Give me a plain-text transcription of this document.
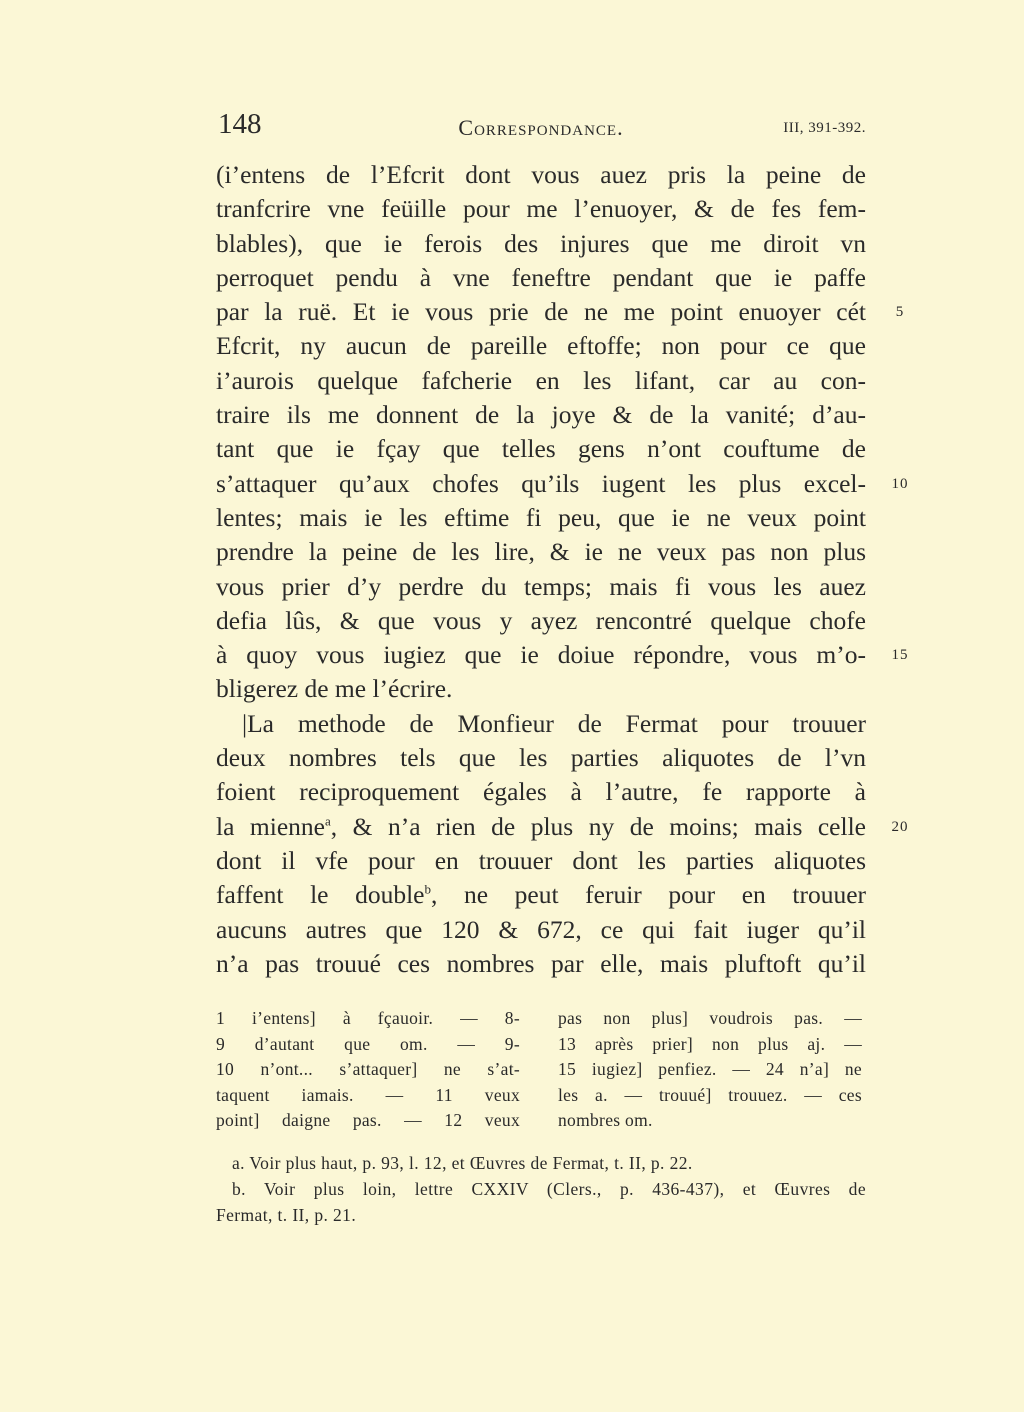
148	Correspondance.	III, 391-392.
(i’entens de l’Efcrit dont vous auez pris la peine de
tranfcrire vne feüille pour me l’enuoyer, & de fes fem-
blables), que ie ferois des injures que me diroit vn
perroquet pendu à vne feneftre pendant que ie paffe
par la ruë. Et ie vous prie de ne me point enuoyer cét
Efcrit, ny aucun de pareille eftoffe; non pour ce que
i’aurois quelque fafcherie en les lifant, car au con-
traire ils me donnent de la joye & de la vanité; d’au-
tant que ie fçay que telles gens n’ont couftume de
s’attaquer qu’aux chofes qu’ils iugent les plus excel-
lentes; mais ie les eftime fi peu, que ie ne veux point
prendre la peine de les lire, & ie ne veux pas non plus
vous prier d’y perdre du temps; mais fi vous les auez
defia lûs, & que vous y ayez rencontré quelque chofe
à quoy vous iugiez que ie doiue répondre, vous m’o-
bligerez de me l’écrire.
|La methode de Monfieur de Fermat pour trouuer
deux nombres tels que les parties aliquotes de l’vn
foient reciproquement égales à l’autre, fe rapporte à
la mienne$^a$, & n’a rien de plus ny de moins; mais celle
dont il vfe pour en trouuer dont les parties aliquotes
faffent le double$^b$, ne peut feruir pour en trouuer
aucuns autres que 120 & 672, ce qui fait iuger qu’il
n’a pas trouué ces nombres par elle, mais pluftoft qu’il
5
10
15
20
1 i’entens] à fçauoir. — 8-
9 d’autant que om. — 9-
10 n’ont... s’attaquer] ne s’at-
taquent iamais. — 11 veux
point] daigne pas. — 12 veux
pas non plus] voudrois pas. —
13 après prier] non plus aj. —
15 iugiez] penfiez. — 24 n’a] ne
les a. — trouué] trouuez. — ces
nombres om.
a. Voir plus haut, p. 93, l. 12, et Œuvres de Fermat, t. II, p. 22.
b. Voir plus loin, lettre CXXIV (Clers., p. 436-437), et Œuvres de
Fermat, t. II, p. 21.
